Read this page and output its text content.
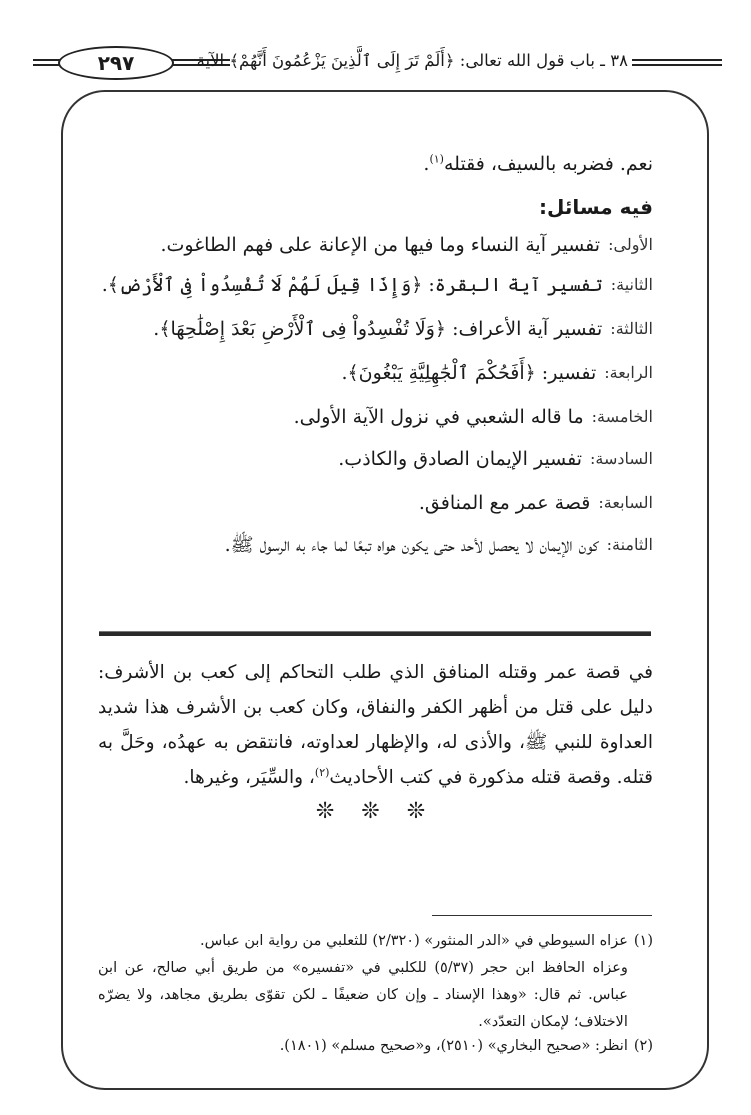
٢٩٧	٣٨ ـ باب قول الله تعالى: ﴿أَلَمْ تَرَ إِلَى ٱلَّذِينَ يَزْعُمُونَ أَنَّهُمْ﴾ الآية
نعم. فضربه بالسيف، فقتله$^{(١)}$.
فيه مسائل:
الأولى:
تفسير آية النساء وما فيها من الإعانة على فهم الطاغوت.
الثانية:
تفسير آية البقرة: ﴿وَإِذَا قِيلَ لَهُمْ لَا تُفْسِدُواْ فِى ٱلْأَرْضِ﴾.
الثالثة:
تفسير آية الأعراف: ﴿وَلَا تُفْسِدُواْ فِى ٱلْأَرْضِ بَعْدَ إِصْلَٰحِهَا﴾.
الرابعة:
تفسير: ﴿أَفَحُكْمَ ٱلْجَٰهِلِيَّةِ يَبْغُونَ﴾.
الخامسة:
ما قاله الشعبي في نزول الآية الأولى.
السادسة:
تفسير الإيمان الصادق والكاذب.
السابعة:
قصة عمر مع المنافق.
الثامنة:
كون الإيمان لا يحصل لأحد حتى يكون هواه تبعًا لما جاء به الرسول ﷺ.
في قصة عمر وقتله المنافق الذي طلب التحاكم إلى كعب بن الأشرف: دليل على قتل من أظهر الكفر والنفاق، وكان كعب بن الأشرف هذا شديد العداوة للنبي ﷺ، والأذى له، والإظهار لعداوته، فانتقض به عهدُه، وحَلَّ به قتله. وقصة قتله مذكورة في كتب الأحاديث$^{(٢)}$، والسِّيَر، وغيرها.
❊ ❊ ❊
(١)
عزاه السيوطي في «الدر المنثور» (٢/٣٢٠) للثعلبي من رواية ابن عباس.
وعزاه الحافظ ابن حجر (٥/٣٧) للكلبي في «تفسيره» من طريق أبي صالح، عن ابن عباس. ثم قال: «وهذا الإسناد ـ وإن كان ضعيفًا ـ لكن تقوّى بطريق مجاهد، ولا يضرّه الاختلاف؛ لإمكان التعدّد».
(٢)
انظر: «صحيح البخاري» (٢٥١٠)، و«صحيح مسلم» (١٨٠١).
